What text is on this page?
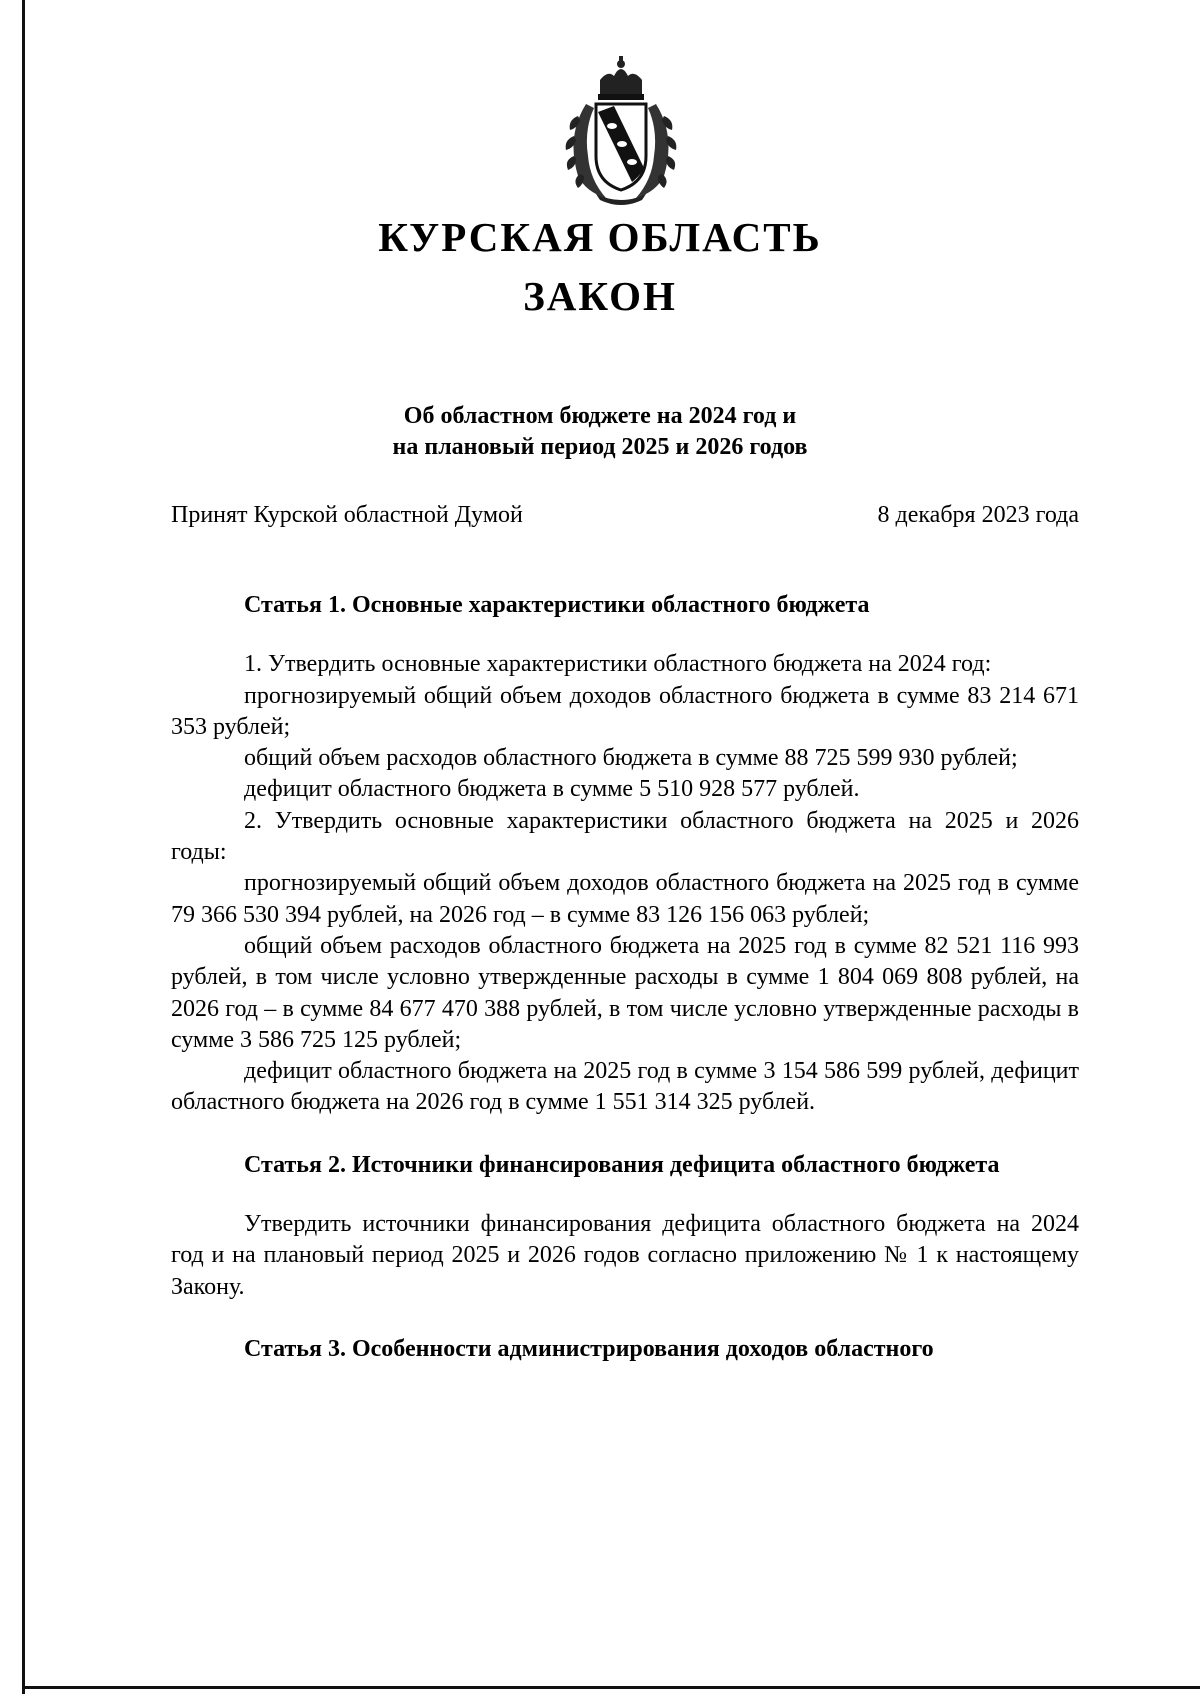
КУРСКАЯ ОБЛАСТЬ
ЗАКОН
Об областном бюджете на 2024 год и
на плановый период 2025 и 2026 годов
Принят Курской областной Думой	8 декабря 2023 года
Статья 1. Основные характеристики областного бюджета

1. Утвердить основные характеристики областного бюджета на 2024 год:

прогнозируемый общий объем доходов областного бюджета в сумме 83 214 671 353 рублей;

общий объем расходов областного бюджета в сумме 88 725 599 930 рублей;

дефицит областного бюджета в сумме 5 510 928 577 рублей.

2. Утвердить основные характеристики областного бюджета на 2025 и 2026 годы:

прогнозируемый общий объем доходов областного бюджета на 2025 год в сумме 79 366 530 394 рублей, на 2026 год – в сумме 83 126 156 063 рублей;

общий объем расходов областного бюджета на 2025 год в сумме 82 521 116 993 рублей, в том числе условно утвержденные расходы в сумме 1 804 069 808 рублей, на 2026 год – в сумме 84 677 470 388 рублей, в том числе условно утвержденные расходы в сумме 3 586 725 125 рублей;

дефицит областного бюджета на 2025 год в сумме 3 154 586 599 рублей, дефицит областного бюджета на 2026 год в сумме 1 551 314 325 рублей.

Статья 2. Источники финансирования дефицита областного бюджета

Утвердить источники финансирования дефицита областного бюджета на 2024 год и на плановый период 2025 и 2026 годов согласно приложению № 1 к настоящему Закону.

Статья 3. Особенности администрирования доходов областного
